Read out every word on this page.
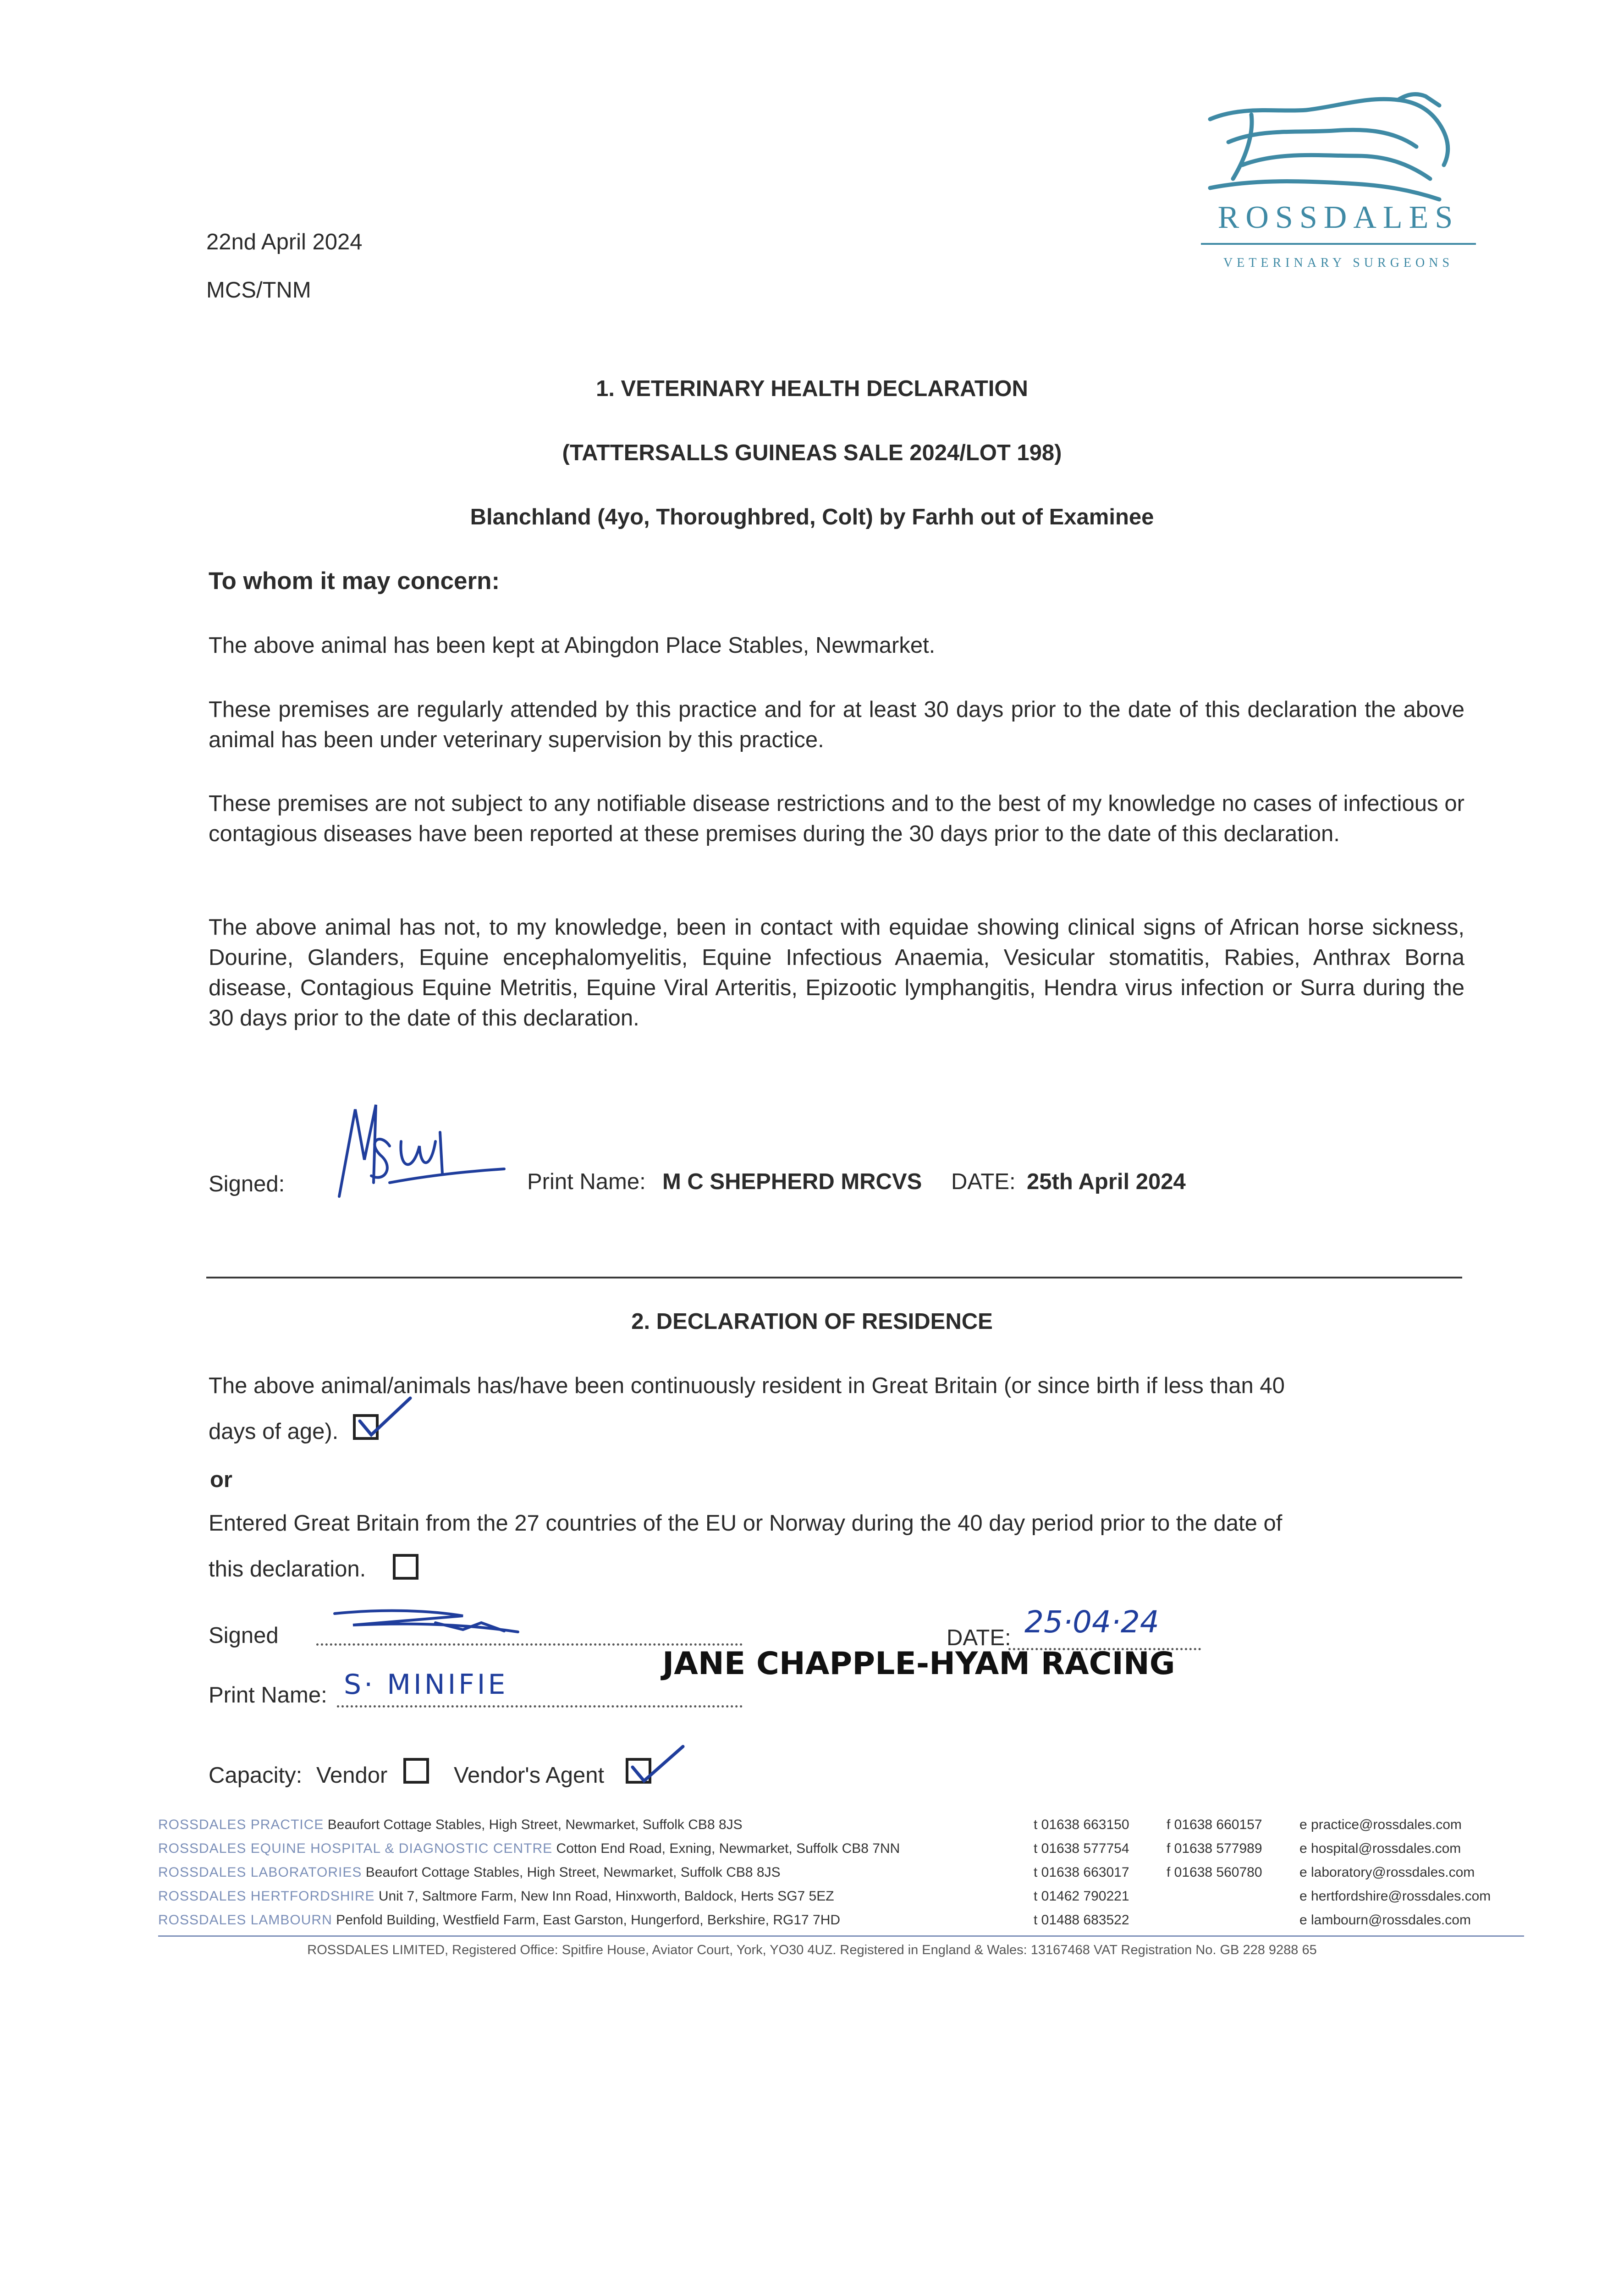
22nd April 2024
MCS/TNM
ROSSDALES
VETERINARY SURGEONS
1. VETERINARY HEALTH DECLARATION
(TATTERSALLS GUINEAS SALE 2024/LOT 198)
Blanchland (4yo, Thoroughbred, Colt) by Farhh out of Examinee
To whom it may concern:
The above animal has been kept at Abingdon Place Stables, Newmarket.
These premises are regularly attended by this practice and for at least 30 days prior to the date of this declaration the above animal has been under veterinary supervision by this practice.
These premises are not subject to any notifiable disease restrictions and to the best of my knowledge no cases of infectious or contagious diseases have been reported at these premises during the 30 days prior to the date of this declaration.
The above animal has not, to my knowledge, been in contact with equidae showing clinical signs of African horse sickness, Dourine, Glanders, Equine encephalomyelitis, Equine Infectious Anaemia, Vesicular stomatitis, Rabies, Anthrax Borna disease, Contagious Equine Metritis, Equine Viral Arteritis, Epizootic lymphangitis, Hendra virus infection or Surra during the 30 days prior to the date of this declaration.
Signed:	Print Name: M C SHEPHERD MRCVS DATE: 25th April 2024
2. DECLARATION OF RESIDENCE
The above animal/animals has/have been continuously resident in Great Britain (or since birth if less than 40
days of age).
or
Entered Great Britain from the 27 countries of the EU or Norway during the 40 day period prior to the date of
this declaration.
Signed	DATE: 25·04·24
JANE CHAPPLE-HYAM RACING
Print Name: S· MINIFIE
Capacity: Vendor	Vendor's Agent
ROSSDALES PRACTICE Beaufort Cottage Stables, High Street, Newmarket, Suffolk CB8 8JS	t 01638 663150	f 01638 660157	e practice@rossdales.com
ROSSDALES EQUINE HOSPITAL & DIAGNOSTIC CENTRE Cotton End Road, Exning, Newmarket, Suffolk CB8 7NN	t 01638 577754	f 01638 577989	e hospital@rossdales.com
ROSSDALES LABORATORIES Beaufort Cottage Stables, High Street, Newmarket, Suffolk CB8 8JS	t 01638 663017	f 01638 560780	e laboratory@rossdales.com
ROSSDALES HERTFORDSHIRE Unit 7, Saltmore Farm, New Inn Road, Hinxworth, Baldock, Herts SG7 5EZ	t 01462 790221	e hertfordshire@rossdales.com
ROSSDALES LAMBOURN Penfold Building, Westfield Farm, East Garston, Hungerford, Berkshire, RG17 7HD	t 01488 683522	e lambourn@rossdales.com
ROSSDALES LIMITED, Registered Office: Spitfire House, Aviator Court, York, YO30 4UZ. Registered in England & Wales: 13167468 VAT Registration No. GB 228 9288 65
